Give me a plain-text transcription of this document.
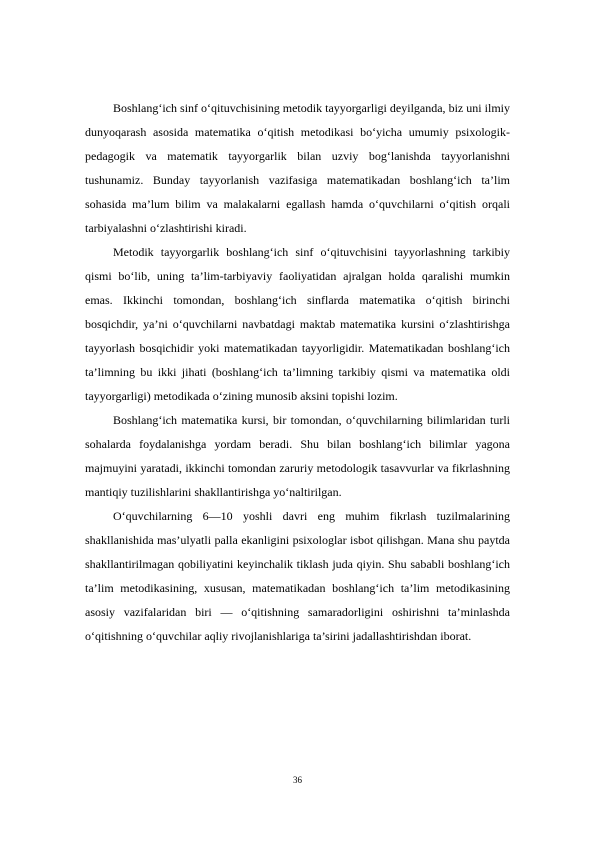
Boshlang‘ich sinf o‘qituvchisining metodik tayyorgarligi deyilganda, biz uni ilmiy dunyoqarash asosida matematika o‘qitish metodikasi bo‘yicha umumiy psixologik-pedagogik va matematik tayyorgarlik bilan uzviy bog‘lanishda tayyorlanishni tushunamiz. Bunday tayyorlanish vazifasiga matematikadan boshlang‘ich ta’lim sohasida ma’lum bilim va malakalarni egallash hamda o‘quvchilarni o‘qitish orqali tarbiyalashni o‘zlashtirishi kiradi.

Metodik tayyorgarlik boshlang‘ich sinf o‘qituvchisini tayyorlashning tarkibiy qismi bo‘lib, uning ta’lim-tarbiyaviy faoliyatidan ajralgan holda qaralishi mumkin emas. Ikkinchi tomondan, boshlang‘ich sinflarda matematika o‘qitish birinchi bosqichdir, ya’ni o‘quvchilarni navbatdagi maktab matematika kursini o‘zlashtirishga tayyorlash bosqichidir yoki matematikadan tayyorligidir. Matematikadan boshlang‘ich ta’limning bu ikki jihati (boshlang‘ich ta’limning tarkibiy qismi va matematika oldi tayyorgarligi) metodikada o‘zining munosib aksini topishi lozim.

Boshlang‘ich matematika kursi, bir tomondan, o‘quvchilarning bilimlaridan turli sohalarda foydalanishga yordam beradi. Shu bilan boshlang‘ich bilimlar yagona majmuyini yaratadi, ikkinchi tomondan zaruriy metodologik tasavvurlar va fikrlashning mantiqiy tuzilishlarini shakllantirishga yo‘naltirilgan.

O‘quvchilarning 6—10 yoshli davri eng muhim fikrlash tuzilmalarining shakllanishida mas’ulyatli palla ekanligini psixologlar isbot qilishgan. Mana shu paytda shakllantirilmagan qobiliyatini keyinchalik tiklash juda qiyin. Shu sababli boshlang‘ich ta’lim metodikasining, xususan, matematikadan boshlang‘ich ta’lim metodikasining asosiy vazifalaridan biri — o‘qitishning samaradorligini oshirishni ta’minlashda o‘qitishning o‘quvchilar aqliy rivojlanishlariga ta’sirini jadallashtirishdan iborat.

36
